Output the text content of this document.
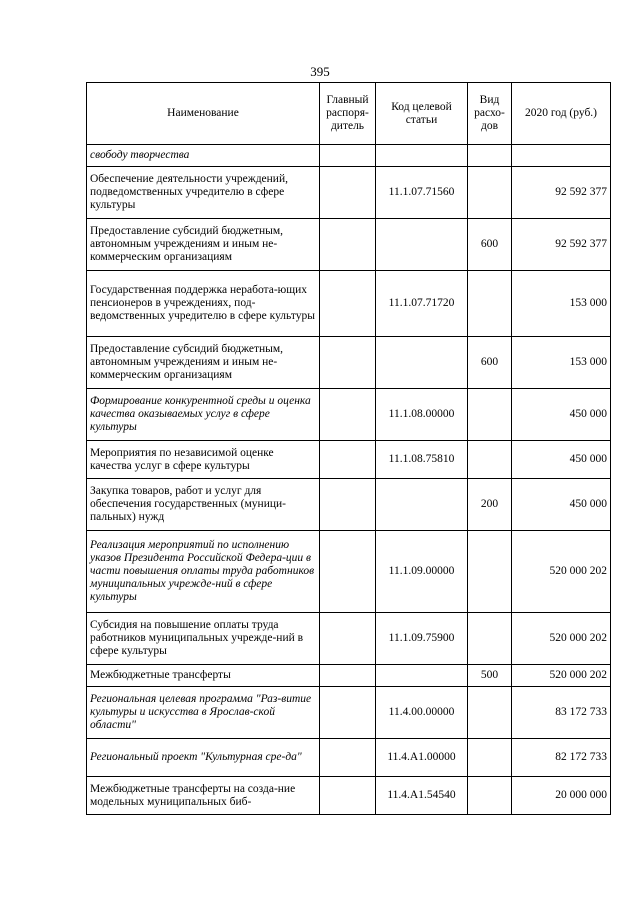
395
Наименование	Главный распоря-дитель	Код целевой статьи	Вид расхо-дов	2020 год (руб.)
свободу творчества				
Обеспечение деятельности учреждений, подведомственных учредителю в сфере культуры		11.1.07.71560		92 592 377
Предоставление субсидий бюджетным, автономным учреждениям и иным не-коммерческим организациям			600	92 592 377
Государственная поддержка неработа-ющих пенсионеров в учреждениях, под-ведомственных учредителю в сфере культуры		11.1.07.71720		153 000
Предоставление субсидий бюджетным, автономным учреждениям и иным не-коммерческим организациям			600	153 000
Формирование конкурентной среды и оценка качества оказываемых услуг в сфере культуры		11.1.08.00000		450 000
Мероприятия по независимой оценке качества услуг в сфере культуры		11.1.08.75810		450 000
Закупка товаров, работ и услуг для обеспечения государственных (муници-пальных) нужд			200	450 000
Реализация мероприятий по исполнению указов Президента Российской Федера-ции в части повышения оплаты труда работников муниципальных учрежде-ний в сфере культуры		11.1.09.00000		520 000 202
Субсидия на повышение оплаты труда работников муниципальных учрежде-ний в сфере культуры		11.1.09.75900		520 000 202
Межбюджетные трансферты			500	520 000 202
Региональная целевая программа "Раз-витие культуры и искусства в Ярослав-ской области"		11.4.00.00000		83 172 733
Региональный проект "Культурная сре-да"		11.4.A1.00000		82 172 733
Межбюджетные трансферты на созда-ние модельных муниципальных биб-		11.4.A1.54540		20 000 000
